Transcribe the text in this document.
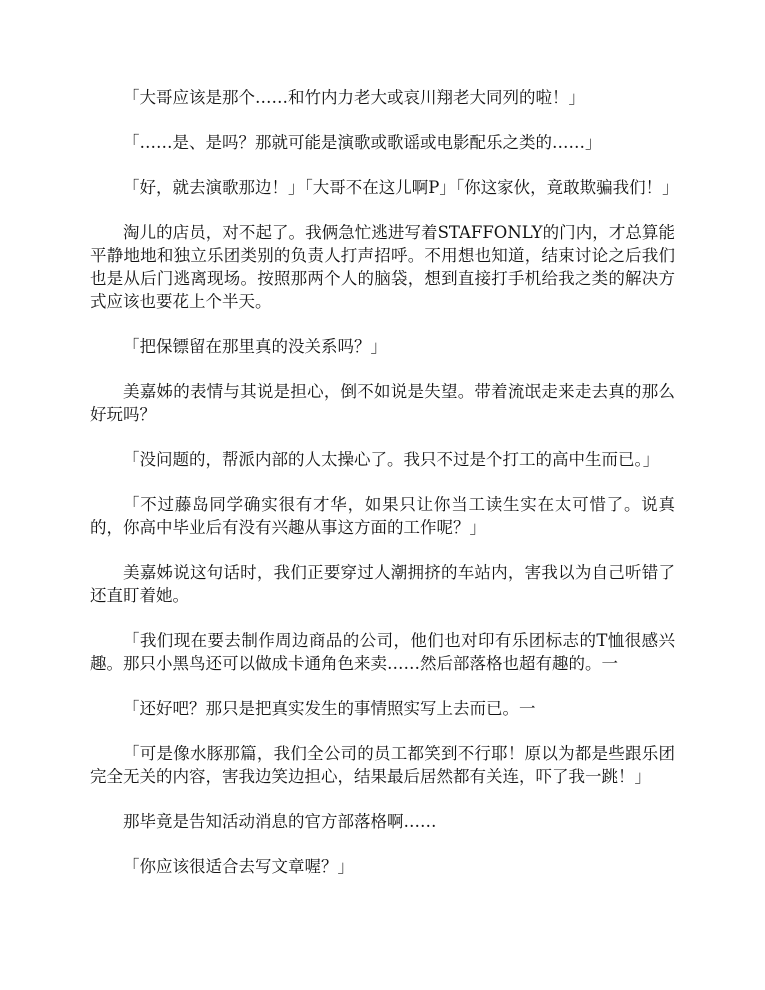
「大哥应该是那个……和竹内力老大或哀川翔老大同列的啦！」

「……是、是吗？那就可能是演歌或歌谣或电影配乐之类的……」

「好，就去演歌那边！」「大哥不在这儿啊P」「你这家伙，竟敢欺骗我们！」

淘儿的店员，对不起了。我俩急忙逃进写着STAFFONLY的门内，才总算能平静地地和独立乐团类别的负责人打声招呼。不用想也知道，结束讨论之后我们也是从后门逃离现场。按照那两个人的脑袋，想到直接打手机给我之类的解决方式应该也要花上个半天。

「把保镖留在那里真的没关系吗？」

美嘉姊的表情与其说是担心，倒不如说是失望。带着流氓走来走去真的那么好玩吗？

「没问题的，帮派内部的人太操心了。我只不过是个打工的高中生而已。」

「不过藤岛同学确实很有才华，如果只让你当工读生实在太可惜了。说真的，你高中毕业后有没有兴趣从事这方面的工作呢？」

美嘉姊说这句话时，我们正要穿过人潮拥挤的车站内，害我以为自己听错了还直盯着她。

「我们现在要去制作周边商品的公司，他们也对印有乐团标志的T恤很感兴趣。那只小黑鸟还可以做成卡通角色来卖……然后部落格也超有趣的。一

「还好吧？那只是把真实发生的事情照实写上去而已。一

「可是像水豚那篇，我们全公司的员工都笑到不行耶！原以为都是些跟乐团完全无关的内容，害我边笑边担心，结果最后居然都有关连，吓了我一跳！」

那毕竟是告知活动消息的官方部落格啊……

「你应该很适合去写文章喔？」
